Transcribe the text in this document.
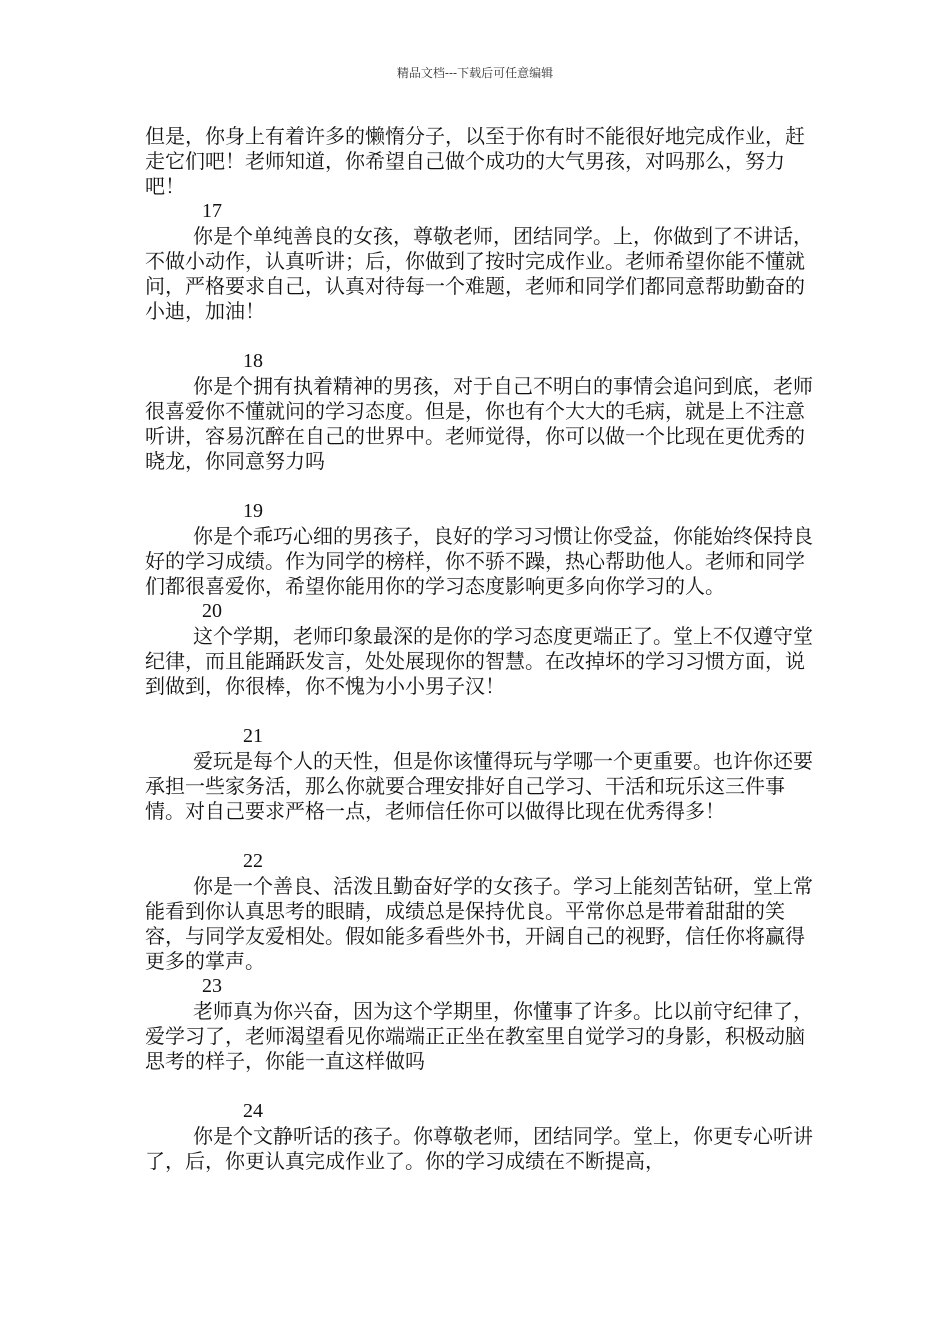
精品文档---下载后可任意编辑

但是，你身上有着许多的懒惰分子，以至于你有时不能很好地完成作业，赶走它们吧！老师知道，你希望自己做个成功的大气男孩，对吗那么，努力吧！

17

你是个单纯善良的女孩，尊敬老师，团结同学。上，你做到了不讲话，不做小动作，认真听讲；后，你做到了按时完成作业。老师希望你能不懂就问，严格要求自己，认真对待每一个难题，老师和同学们都同意帮助勤奋的小迪，加油！

18

你是个拥有执着精神的男孩，对于自己不明白的事情会追问到底，老师很喜爱你不懂就问的学习态度。但是，你也有个大大的毛病，就是上不注意听讲，容易沉醉在自己的世界中。老师觉得，你可以做一个比现在更优秀的晓龙，你同意努力吗

19

你是个乖巧心细的男孩子，良好的学习习惯让你受益，你能始终保持良好的学习成绩。作为同学的榜样，你不骄不躁，热心帮助他人。老师和同学们都很喜爱你，希望你能用你的学习态度影响更多向你学习的人。

20

这个学期，老师印象最深的是你的学习态度更端正了。堂上不仅遵守堂纪律，而且能踊跃发言，处处展现你的智慧。在改掉坏的学习习惯方面，说到做到，你很棒，你不愧为小小男子汉！

21

爱玩是每个人的天性，但是你该懂得玩与学哪一个更重要。也许你还要承担一些家务活，那么你就要合理安排好自己学习、干活和玩乐这三件事情。对自己要求严格一点，老师信任你可以做得比现在优秀得多！

22

你是一个善良、活泼且勤奋好学的女孩子。学习上能刻苦钻研，堂上常能看到你认真思考的眼睛，成绩总是保持优良。平常你总是带着甜甜的笑容，与同学友爱相处。假如能多看些外书，开阔自己的视野，信任你将赢得更多的掌声。

23

老师真为你兴奋，因为这个学期里，你懂事了许多。比以前守纪律了，爱学习了，老师渴望看见你端端正正坐在教室里自觉学习的身影，积极动脑思考的样子，你能一直这样做吗

24

你是个文静听话的孩子。你尊敬老师，团结同学。堂上，你更专心听讲了，后，你更认真完成作业了。你的学习成绩在不断提高，
